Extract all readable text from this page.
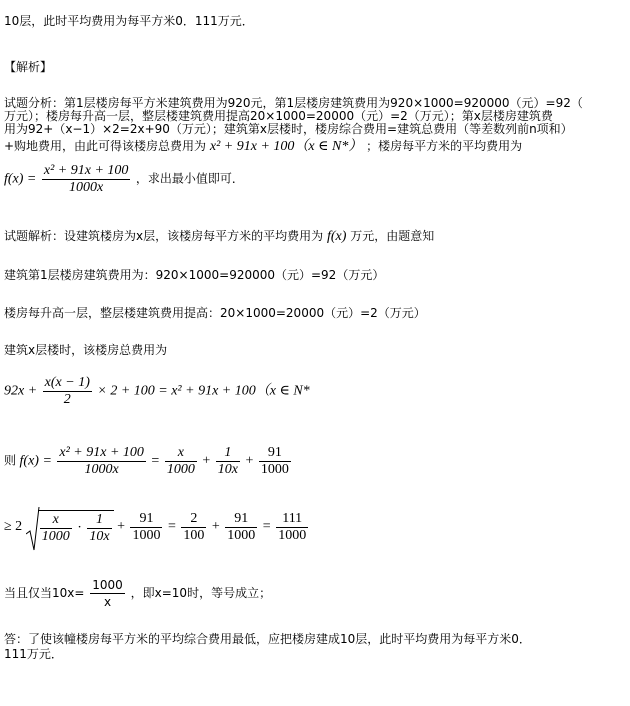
10层，此时平均费用为每平方米0．111万元．
【解析】
试题分析：第1层楼房每平方米建筑费用为920元，第1层楼房建筑费用为920×1000=920000（元）=92（
万元）；楼房每升高一层，整层楼建筑费用提高20×1000=20000（元）=2（万元）；第x层楼房建筑费
用为92+（x−1）×2=2x+90（万元）；建筑第x层楼时，楼房综合费用=建筑总费用（等差数列前n项和）
+购地费用，由此可得该楼房总费用为 x² + 91x + 100（x ∈ N*） ；楼房每平方米的平均费用为
$f(x) = \frac{\text{x² + 91x + 100}}{1000x}$ ，求出最小值即可．
试题解析：设建筑楼房为x层，该楼房每平方米的平均费用为 f(x) 万元，由题意知
建筑第1层楼房建筑费用为：920×1000=920000（元）=92（万元）
楼房每升高一层，整层楼建筑费用提高：20×1000=20000（元）=2（万元）
建筑x层楼时，该楼房总费用为
$92x + \frac{x(x - 1)}{2} \times 2 + 100 = x^2 + 91x + 100(x$ ∈ N*
则 $f(x) = \frac{\text{x² + 91x + 100}}{1000x} = \frac{x}{1000} + \frac{1}{10x} + \frac{91}{1000}$
≥ $2 \frac{x}{1000} \cdot \frac{1}{10x} + \frac{91}{1000} = \frac{2}{100} + \frac{91}{1000} = \frac{111}{1000}$
当且仅当$10x= \frac{1000}{x}$ ，即x=10时，等号成立；
答：了使该幢楼房每平方米的平均综合费用最低，应把楼房建成10层，此时平均费用为每平方米0．
111万元．
